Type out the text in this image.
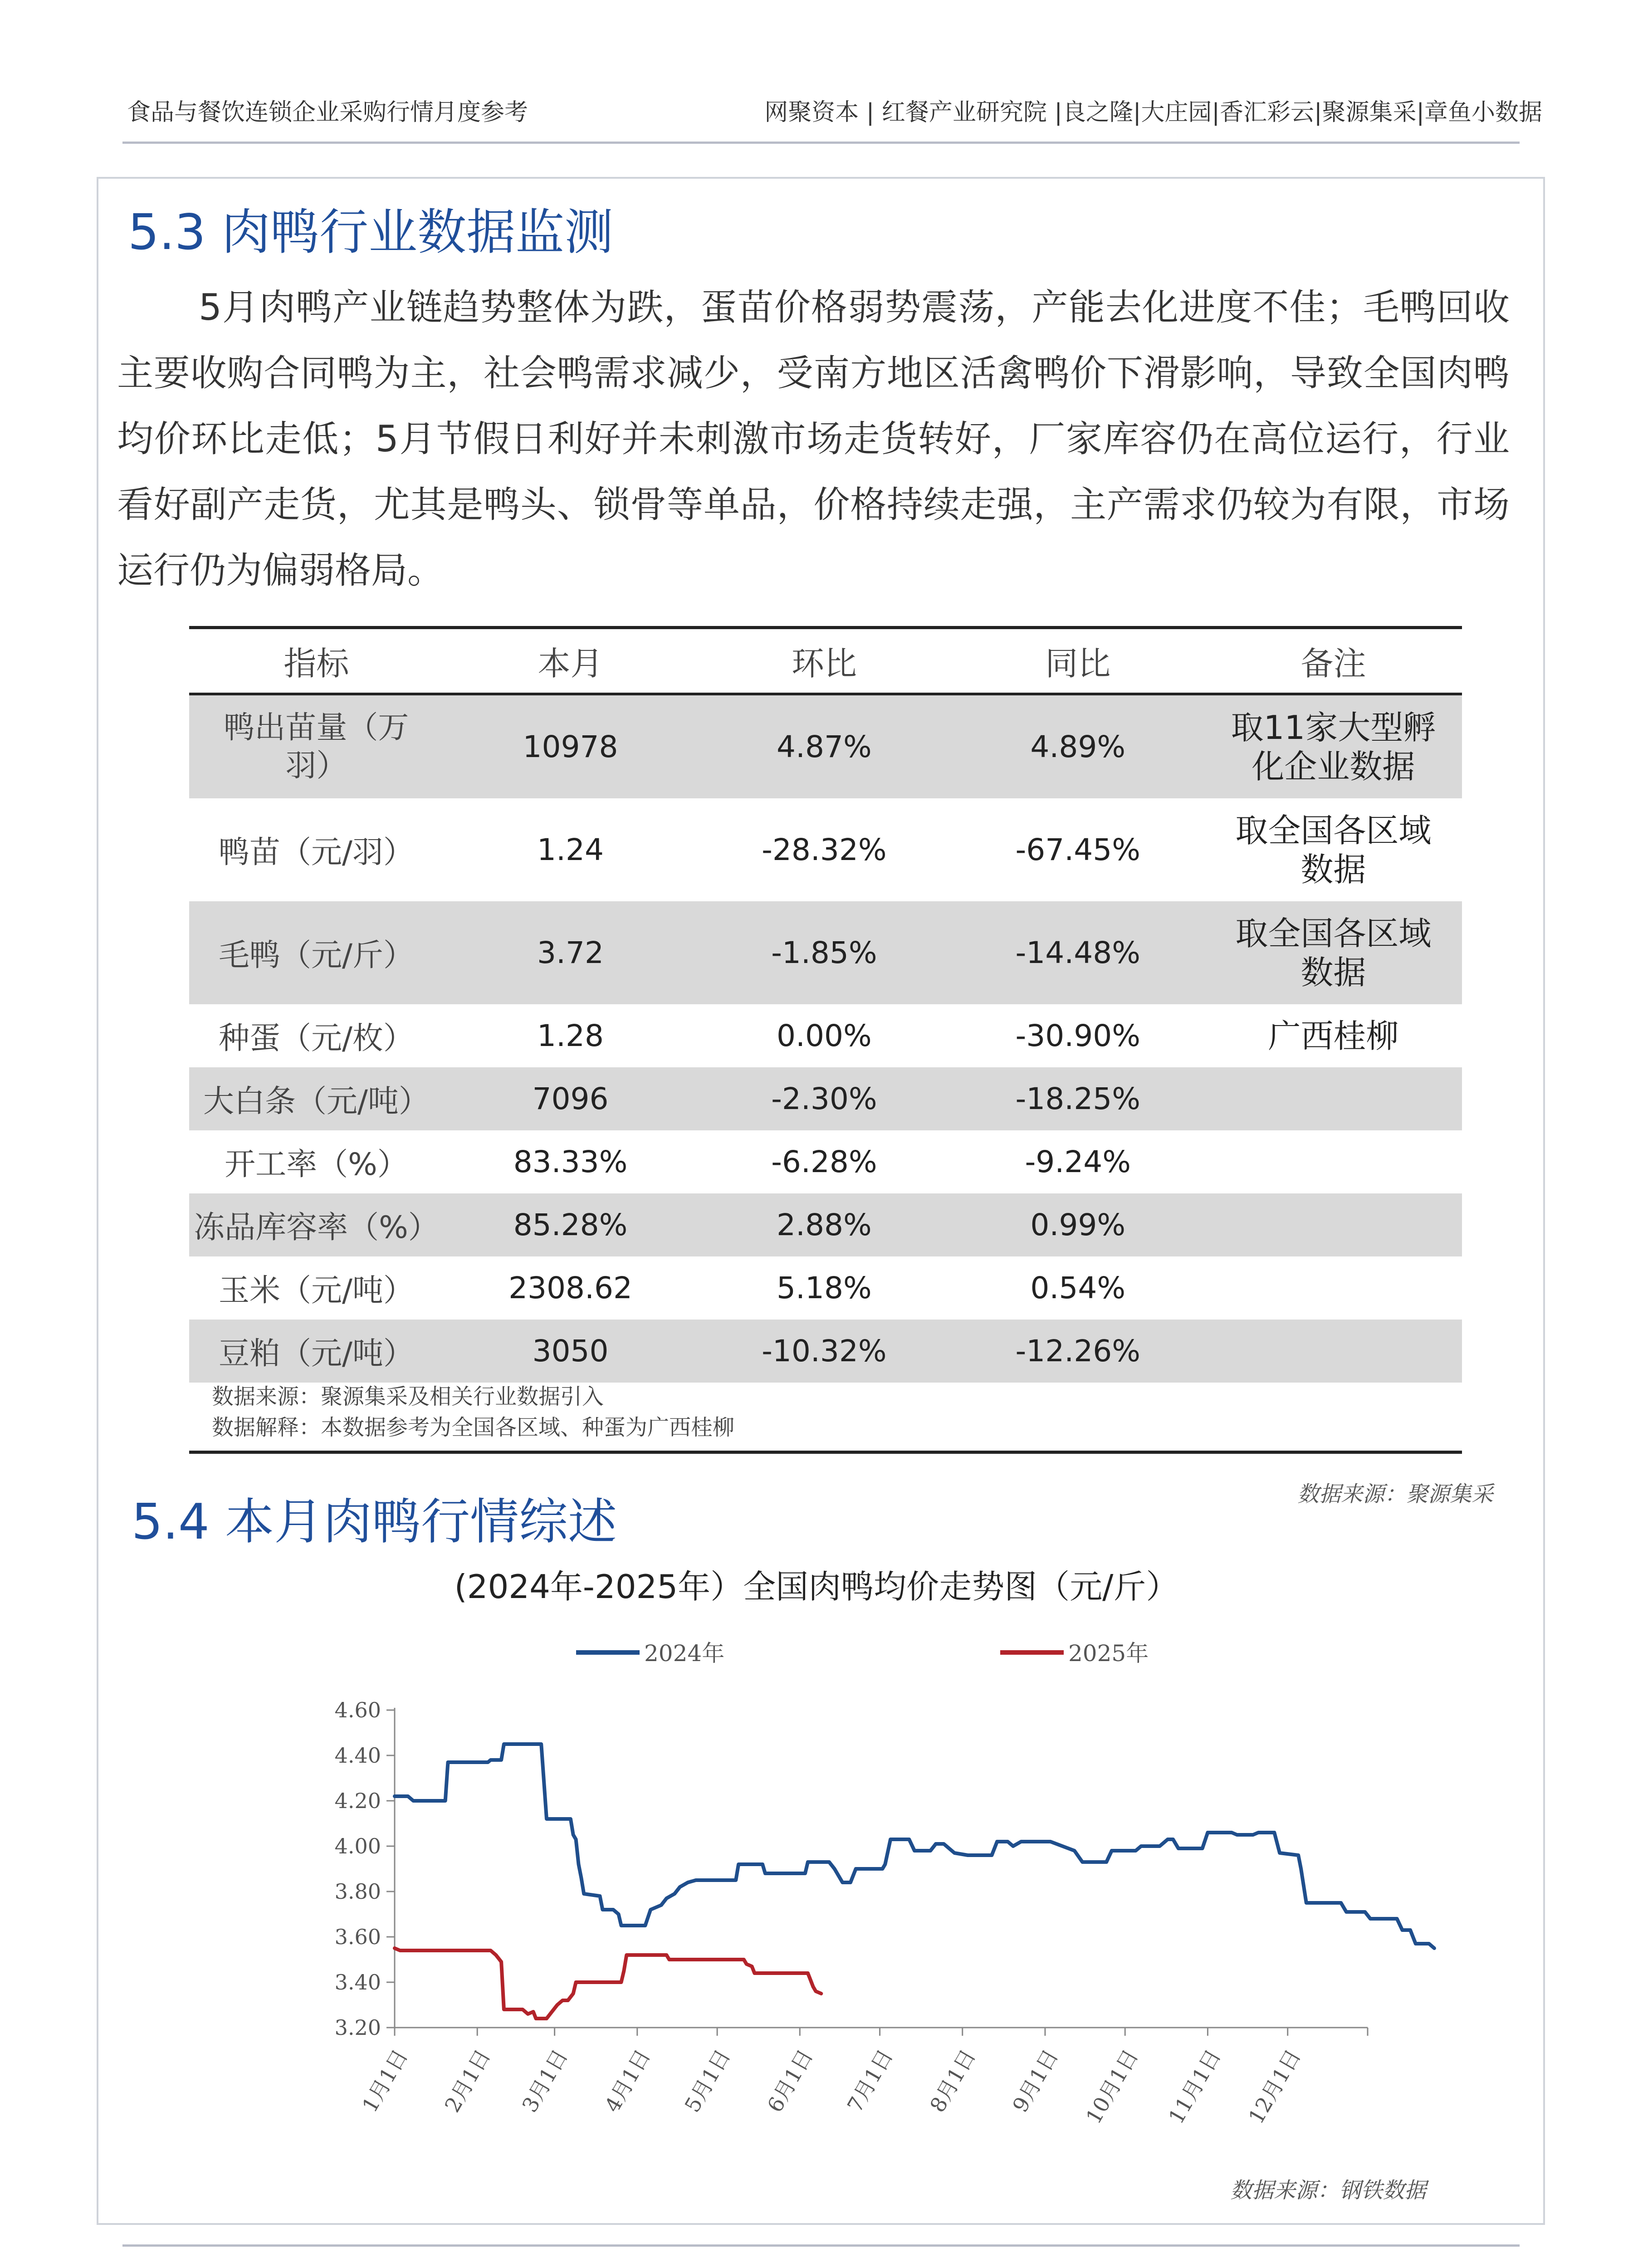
食品与餐饮连锁企业采购行情月度参考	网聚资本 | 红餐产业研究院 |良之隆|大庄园|香汇彩云|聚源集采|章鱼小数据
5.3 肉鸭行业数据监测
5月肉鸭产业链趋势整体为跌，蛋苗价格弱势震荡，产能去化进度不佳；毛鸭回收主要收购合同鸭为主，社会鸭需求减少，受南方地区活禽鸭价下滑影响，导致全国肉鸭均价环比走低；5月节假日利好并未刺激市场走货转好，厂家库容仍在高位运行，行业看好副产走货，尤其是鸭头、锁骨等单品，价格持续走强，主产需求仍较为有限，市场运行仍为偏弱格局。
指标	本月	环比	同比	备注

鸭出苗量（万羽）	10978	4.87%	4.89%	取11家大型孵化企业数据

鸭苗（元/羽）	1.24	-28.32%	-67.45%	取全国各区域数据

毛鸭（元/斤）	3.72	-1.85%	-14.48%	取全国各区域数据

种蛋（元/枚）	1.28	0.00%	-30.90%	广西桂柳
大白条（元/吨）	7096	-2.30%	-18.25%	
开工率（%）	83.33%	-6.28%	-9.24%	
冻品库容率（%）	85.28%	2.88%	0.99%	
玉米（元/吨）	2308.62	5.18%	0.54%	
豆粕（元/吨）	3050	-10.32%	-12.26%	
数据来源：聚源集采及相关行业数据引入
数据解释：本数据参考为全国各区域、种蛋为广西桂柳
数据来源：聚源集采
5.4 本月肉鸭行情综述
(2024年-2025年）全国肉鸭均价走势图（元/斤）
2024年	2025年
4.60
4.40
4.20
4.00
3.80
3.60
3.40
3.20
1月1日 2月1日 3月1日 4月1日 5月1日 6月1日 7月1日 8月1日 9月1日 10月1日 11月1日 12月1日
数据来源：钢铁数据
